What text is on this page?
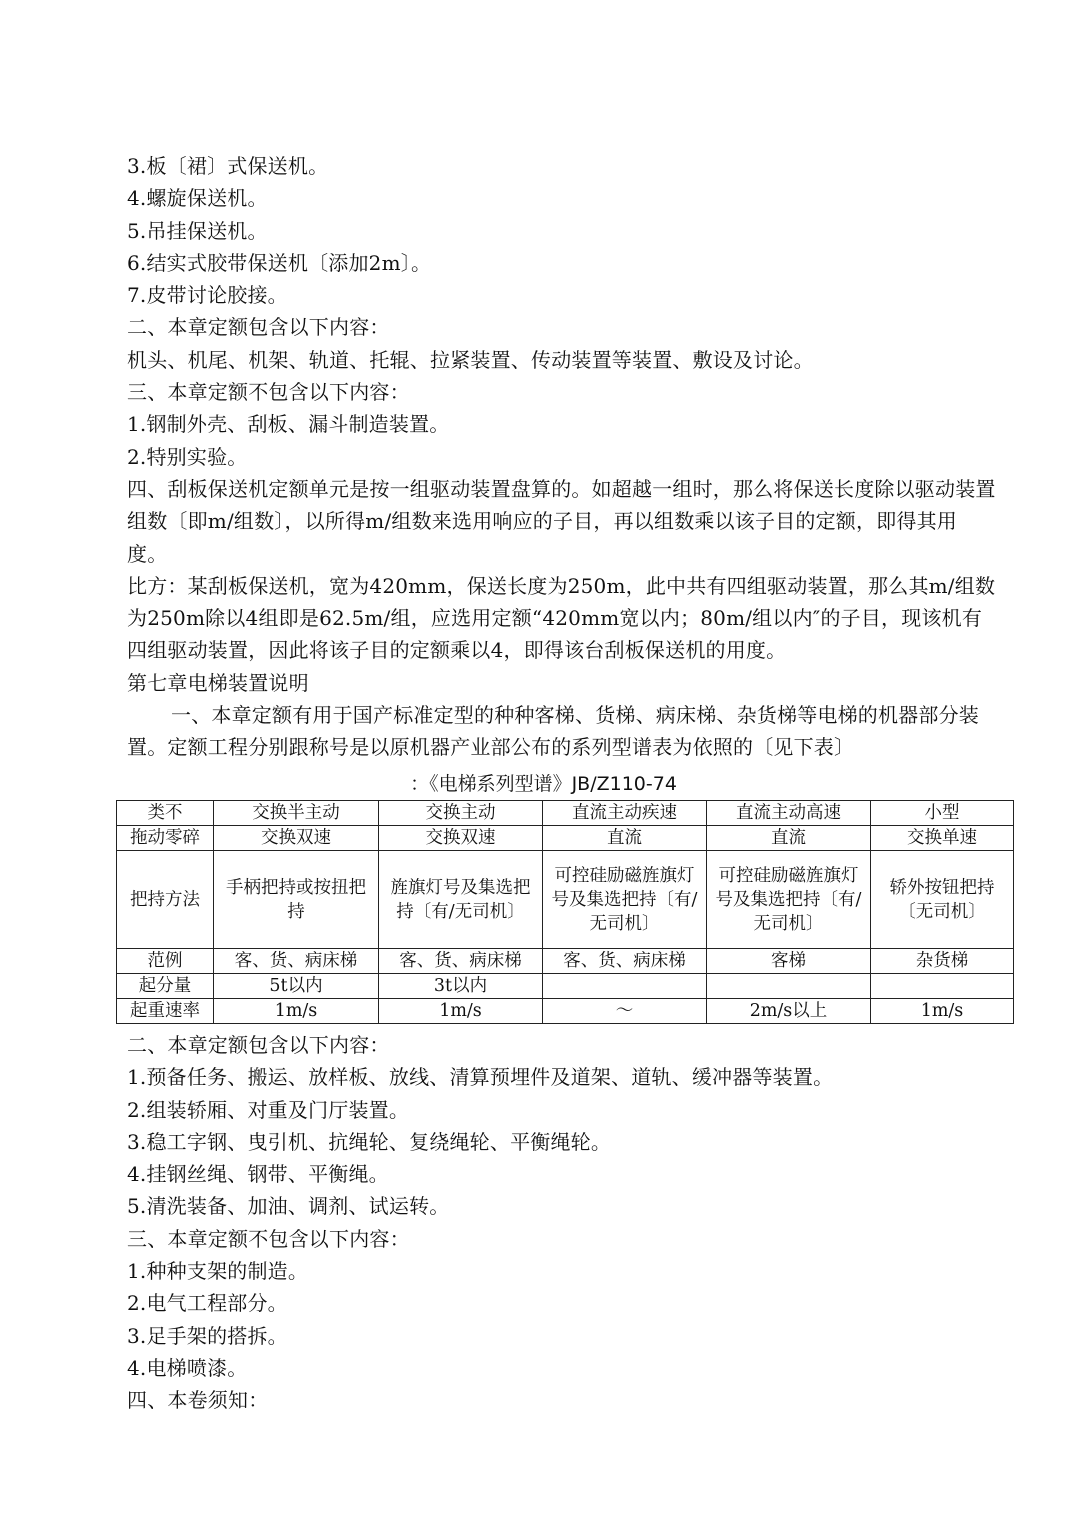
3.板〔裙〕式保送机。
4.螺旋保送机。
5.吊挂保送机。
6.结实式胶带保送机〔添加2m〕。
7.皮带讨论胶接。
二、本章定额包含以下内容：
机头、机尾、机架、轨道、托辊、拉紧装置、传动装置等装置、敷设及讨论。
三、本章定额不包含以下内容：
1.钢制外壳、刮板、漏斗制造装置。
2.特别实验。
四、刮板保送机定额单元是按一组驱动装置盘算的。如超越一组时，那么将保送长度除以驱动装置组数〔即m/组数〕，以所得m/组数来选用响应的子目，再以组数乘以该子目的定额，即得其用度。
比方：某刮板保送机，宽为420mm，保送长度为250m，此中共有四组驱动装置，那么其m/组数为250m除以4组即是62.5m/组，应选用定额“420mm宽以内；80m/组以内″的子目，现该机有四组驱动装置，因此将该子目的定额乘以4，即得该台刮板保送机的用度。
第七章电梯装置说明
一、本章定额有用于国产标准定型的种种客梯、货梯、病床梯、杂货梯等电梯的机器部分装置。定额工程分别跟称号是以原机器产业部公布的系列型谱表为依照的〔见下表〕
：《电梯系列型谱》JB/Z110-74
类不	交换半主动	交换主动	直流主动疾速	直流主动高速	小型
拖动零碎	交换双速	交换双速	直流	直流	交换单速
把持方法	手柄把持或按扭把持	旌旗灯号及集选把持〔有/无司机〕	可控硅励磁旌旗灯号及集选把持〔有/无司机〕	可控硅励磁旌旗灯号及集选把持〔有/无司机〕	轿外按钮把持〔无司机〕
范例	客、货、病床梯	客、货、病床梯	客、货、病床梯	客梯	杂货梯
起分量	5t以内	3t以内			
起重速率	1m/s	1m/s	～	2m/s以上	1m/s
二、本章定额包含以下内容：
1.预备任务、搬运、放样板、放线、清算预埋件及道架、道轨、缓冲器等装置。
2.组装轿厢、对重及门厅装置。
3.稳工字钢、曳引机、抗绳轮、复绕绳轮、平衡绳轮。
4.挂钢丝绳、钢带、平衡绳。
5.清洗装备、加油、调剂、试运转。
三、本章定额不包含以下内容：
1.种种支架的制造。
2.电气工程部分。
3.足手架的搭拆。
4.电梯喷漆。
四、本卷须知：
